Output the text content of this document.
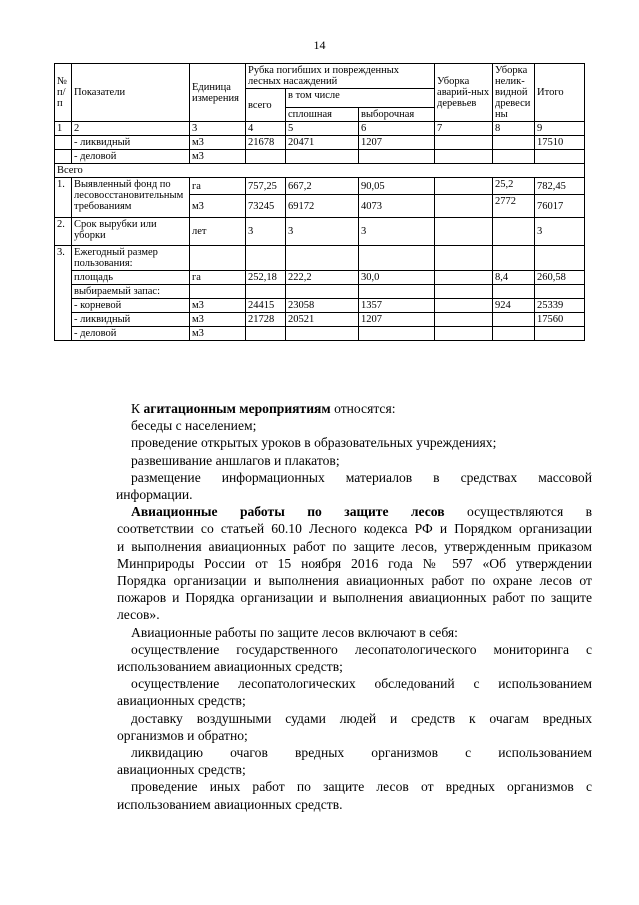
14
№ п/п	Показатели	Единица измерения	Рубка погибших и поврежденных лесных насаждений			Уборка аварий-ных деревьев	Уборка нелик-видной древеси ны	Итого
			всего	в том числе				
				сплошная	выборочная			
1	2	3	4	5	6	7	8	9
	- ликвидный	м3	21678	20471	1207			17510
	- деловой	м3						
Всего								
1.	Выявленный фонд по лесовосстановительным требованиям	га	757,25	667,2	90,05		25,2	782,45
		м3	73245	69172	4073		2772	76017
2.	Срок вырубки или уборки	лет	3	3	3			3
3.	Ежегодный размер пользования:							
	площадь	га	252,18	222,2	30,0		8,4	260,58
	выбираемый запас:							
	- корневой	м3	24415	23058	1357		924	25339
	- ликвидный	м3	21728	20521	1207			17560
	- деловой	м3						

К агитационным мероприятиям относятся:

беседы с населением;

проведение открытых уроков в образовательных учреждениях;

развешивание аншлагов и плакатов;

размещение информационных материалов в средствах массовой

информации.

Авиационные работы по защите лесов осуществляются в

соответствии со статьей 60.10 Лесного кодекса РФ и Порядком организации

и выполнения авиационных работ по защите лесов, утвержденным приказом

Минприроды России от 15 ноября 2016 года № 597 «Об утверждении

Порядка организации и выполнения авиационных работ по охране лесов от

пожаров и Порядка организации и выполнения авиационных работ по защите

лесов».

Авиационные работы по защите лесов включают в себя:

осуществление государственного лесопатологического мониторинга с

использованием авиационных средств;

осуществление лесопатологических обследований с использованием

авиационных средств;

доставку воздушными судами людей и средств к очагам вредных

организмов и обратно;

ликвидацию очагов вредных организмов с использованием

авиационных средств;

проведение иных работ по защите лесов от вредных организмов с

использованием авиационных средств.
